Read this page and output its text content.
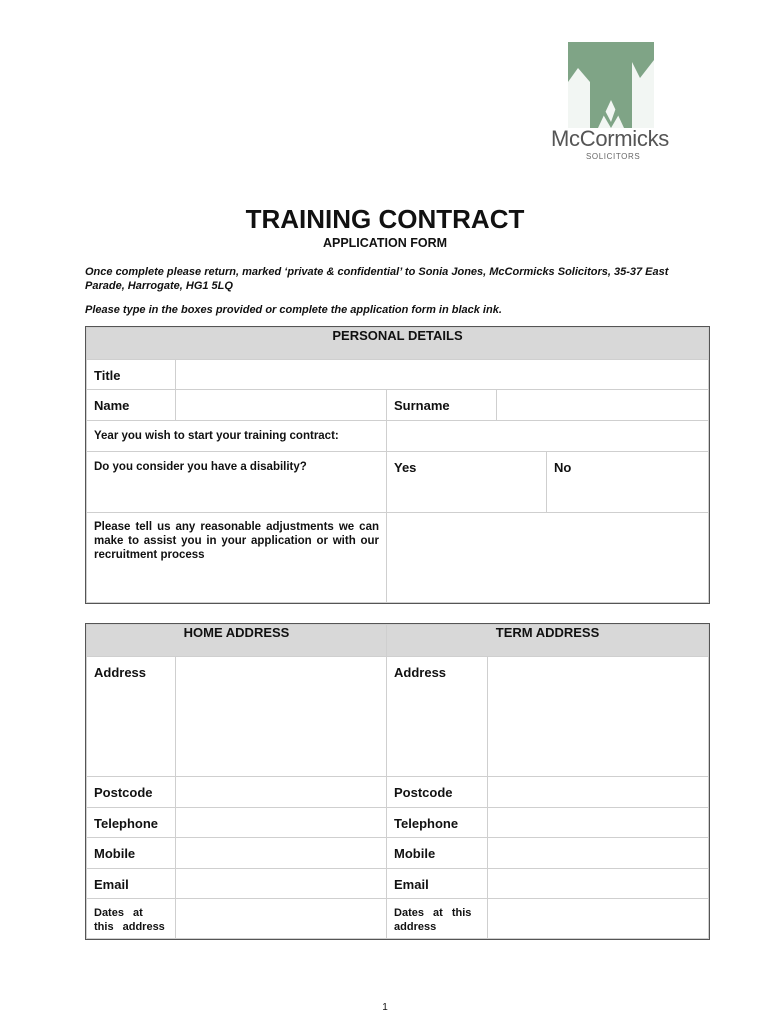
McCormicks
SOLICITORS
TRAINING CONTRACT
APPLICATION FORM
Once complete please return, marked ‘private & confidential’ to Sonia Jones, McCormicks Solicitors, 35-37 East Parade, Harrogate, HG1 5LQ
Please type in the boxes provided or complete the application form in black ink.
PERSONAL DETAILS				
Title				
Name		Surname		
Year you wish to start your training contract:				
Do you consider you have a disability?		Yes		No
Please tell us any reasonable adjustments we can make to assist you in your application or with our recruitment process				
HOME ADDRESS		TERM ADDRESS	
Address		Address	
Postcode		Postcode	
Telephone		Telephone	
Mobile		Mobile	
Email		Email	
Dates at this address		Dates at this address	
1
